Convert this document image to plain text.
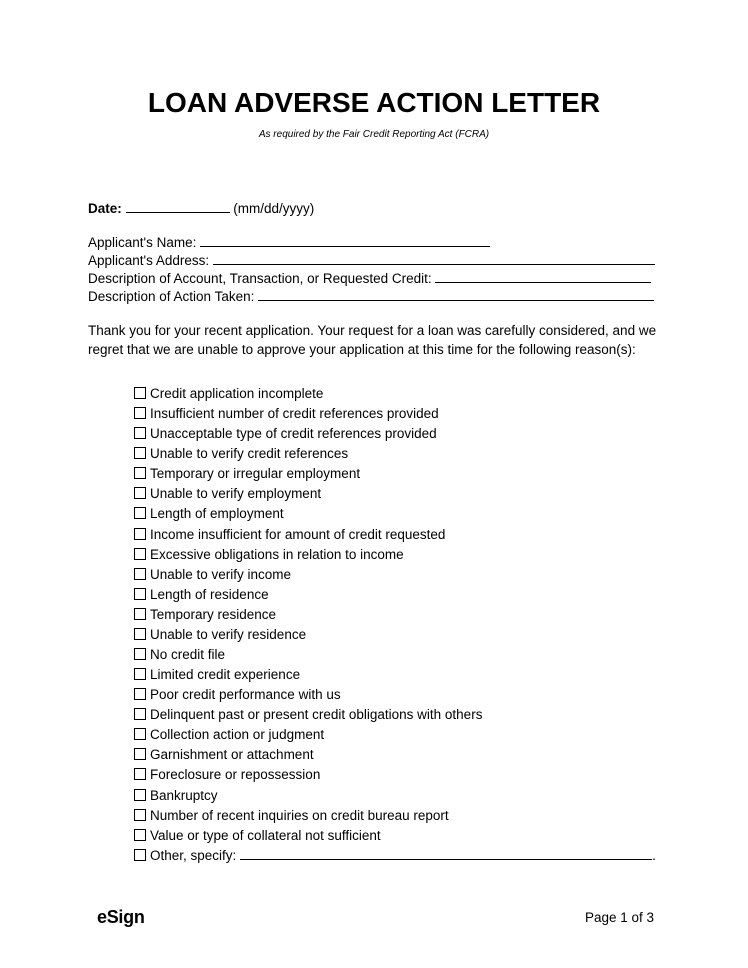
LOAN ADVERSE ACTION LETTER
As required by the Fair Credit Reporting Act (FCRA)
Date:	(mm/dd/yyyy)
Applicant's Name:
Applicant's Address:
Description of Account, Transaction, or Requested Credit:
Description of Action Taken:
Thank you for your recent application. Your request for a loan was carefully considered, and we regret that we are unable to approve your application at this time for the following reason(s):
Credit application incomplete
Insufficient number of credit references provided
Unacceptable type of credit references provided
Unable to verify credit references
Temporary or irregular employment
Unable to verify employment
Length of employment
Income insufficient for amount of credit requested
Excessive obligations in relation to income
Unable to verify income
Length of residence
Temporary residence
Unable to verify residence
No credit file
Limited credit experience
Poor credit performance with us
Delinquent past or present credit obligations with others
Collection action or judgment
Garnishment or attachment
Foreclosure or repossession
Bankruptcy
Number of recent inquiries on credit bureau report
Value or type of collateral not sufficient
Other, specify:	.
eSign	Page 1 of 3
